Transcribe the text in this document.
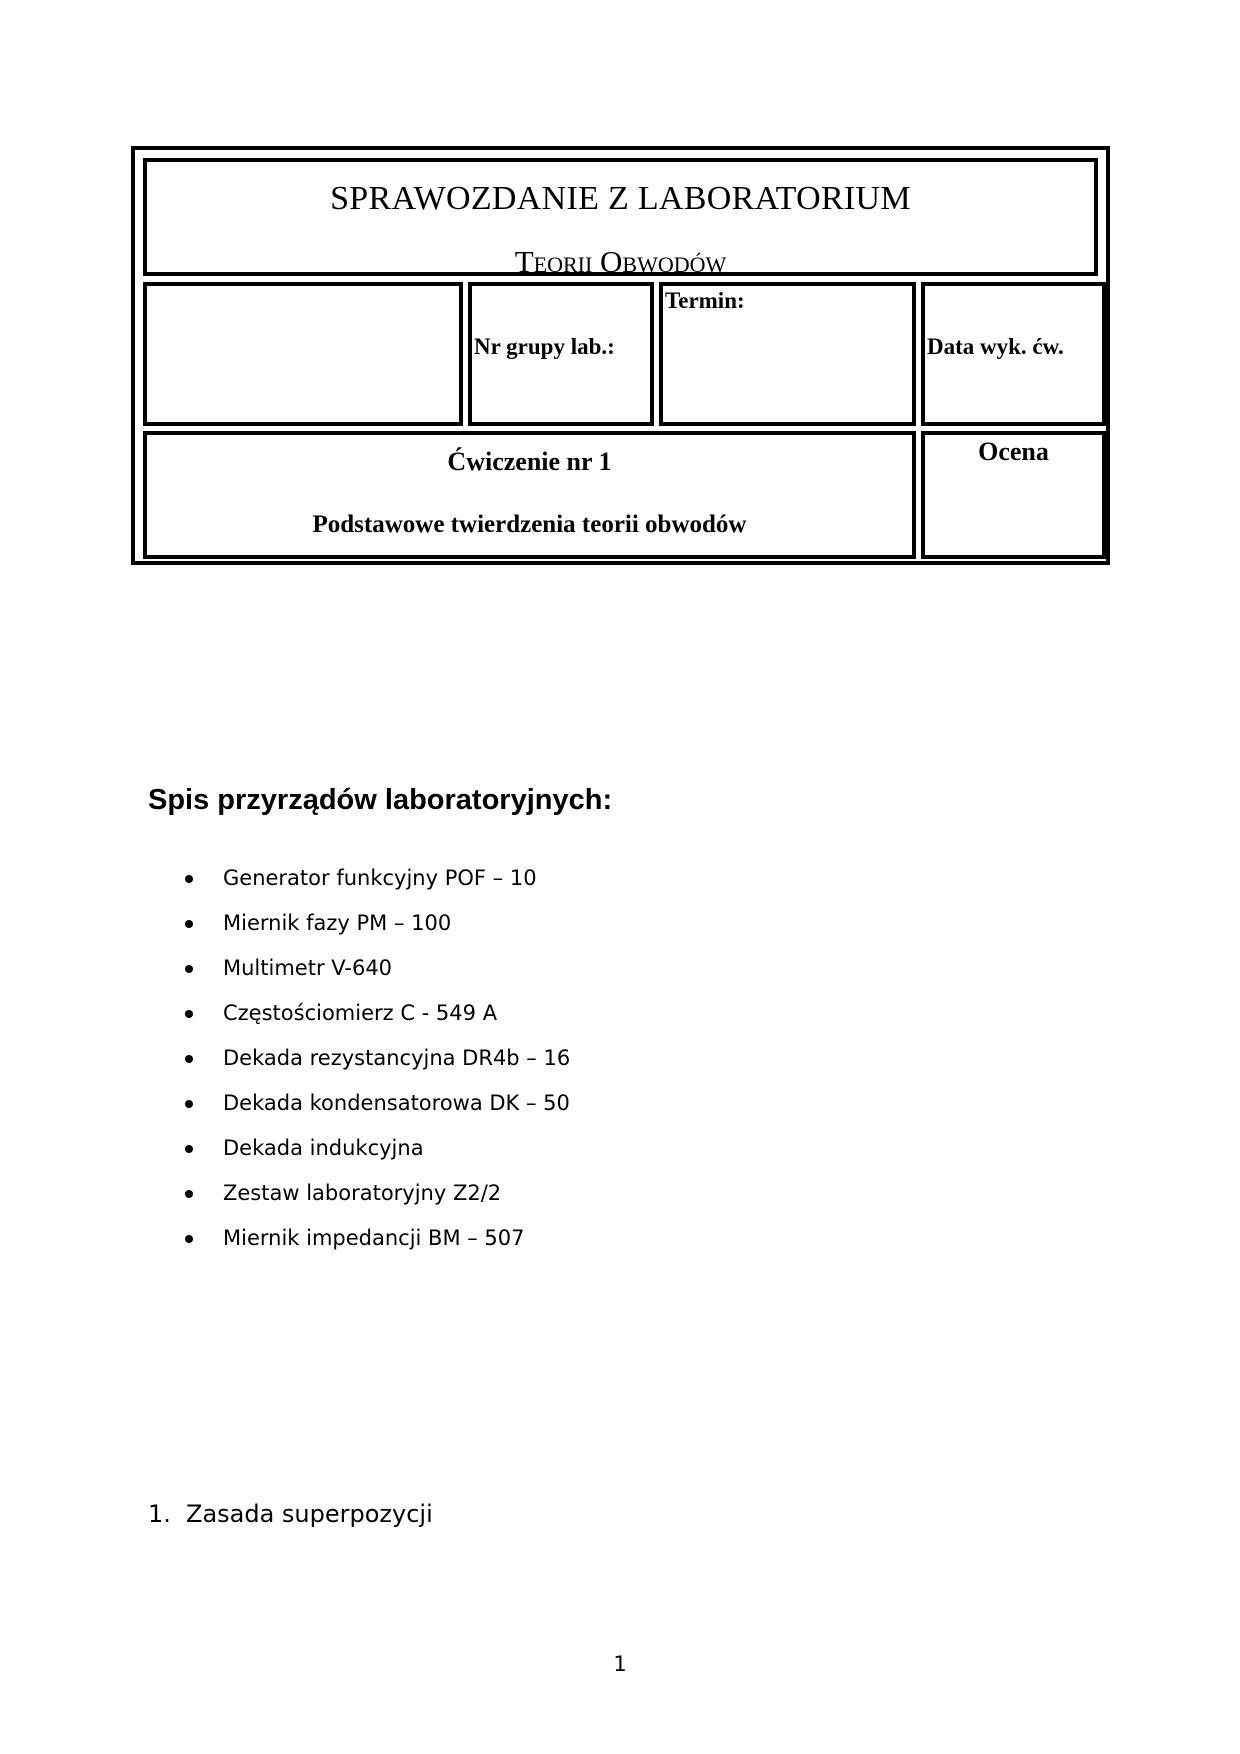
SPRAWOZDANIE Z LABORATORIUM
Teorii Obwodów
Nr grupy lab.:
Termin:
Data wyk. ćw.
Ćwiczenie nr 1
Podstawowe twierdzenia teorii obwodów
Ocena
Spis przyrządów laboratoryjnych:
Generator funkcyjny POF – 10
Miernik fazy PM – 100
Multimetr V-640
Częstościomierz C - 549 A
Dekada rezystancyjna DR4b – 16
Dekada kondensatorowa DK – 50
Dekada indukcyjna
Zestaw laboratoryjny Z2/2
Miernik impedancji BM – 507
1. Zasada superpozycji
1
